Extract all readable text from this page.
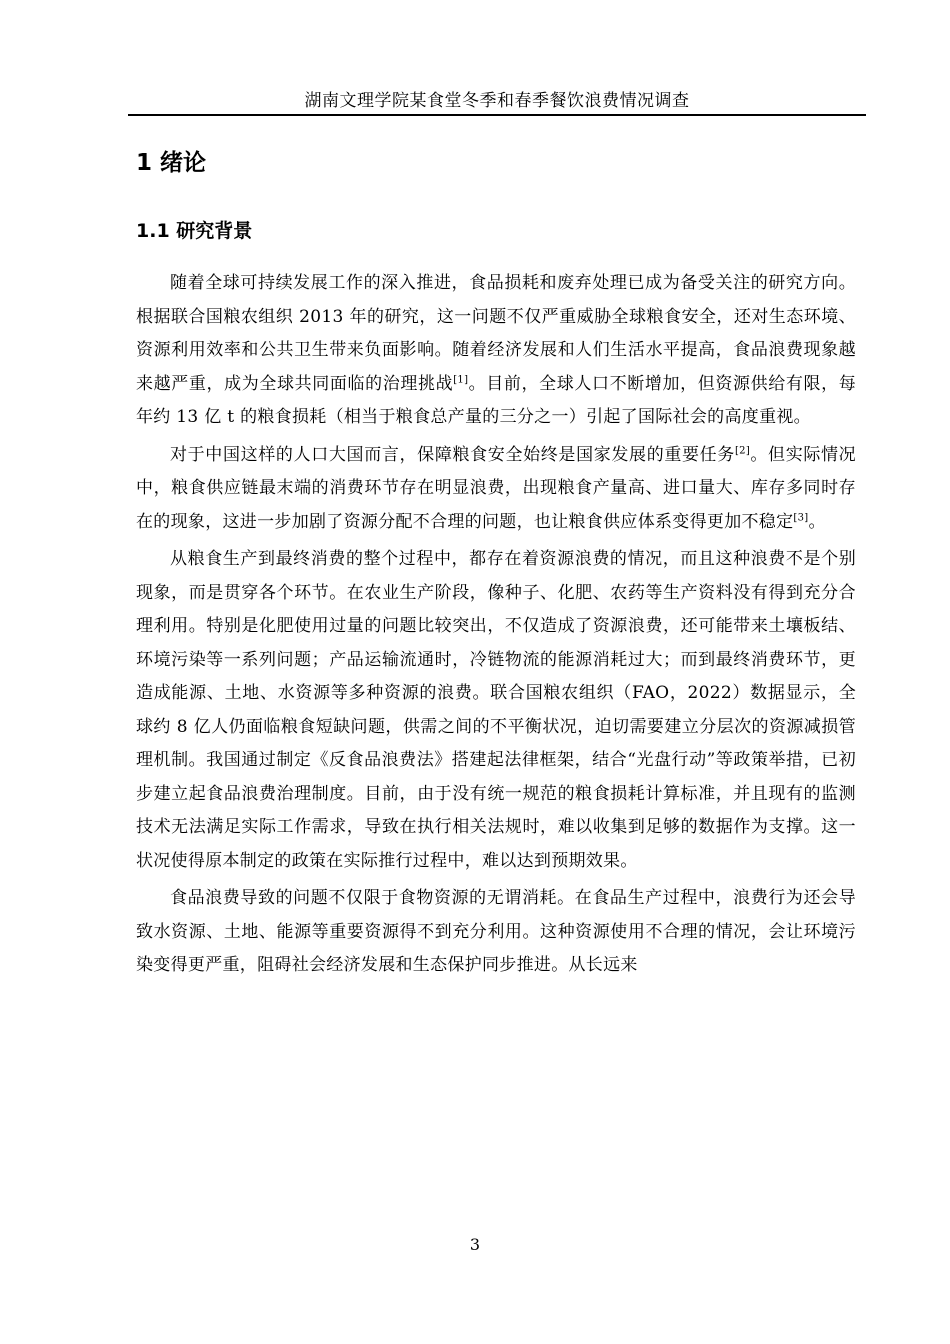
湖南文理学院某食堂冬季和春季餐饮浪费情况调查
1 绪论
1.1 研究背景

随着全球可持续发展工作的深入推进，食品损耗和废弃处理已成为备受关注的研究方向。根据联合国粮农组织 2013 年的研究，这一问题不仅严重威胁全球粮食安全，还对生态环境、资源利用效率和公共卫生带来负面影响。随着经济发展和人们生活水平提高，食品浪费现象越来越严重，成为全球共同面临的治理挑战[1]。目前，全球人口不断增加，但资源供给有限，每年约 13 亿 t 的粮食损耗（相当于粮食总产量的三分之一）引起了国际社会的高度重视。

对于中国这样的人口大国而言，保障粮食安全始终是国家发展的重要任务[2]。但实际情况中，粮食供应链最末端的消费环节存在明显浪费，出现粮食产量高、进口量大、库存多同时存在的现象，这进一步加剧了资源分配不合理的问题，也让粮食供应体系变得更加不稳定[3]。

从粮食生产到最终消费的整个过程中，都存在着资源浪费的情况，而且这种浪费不是个别现象，而是贯穿各个环节。在农业生产阶段，像种子、化肥、农药等生产资料没有得到充分合理利用。特别是化肥使用过量的问题比较突出，不仅造成了资源浪费，还可能带来土壤板结、环境污染等一系列问题；产品运输流通时，冷链物流的能源消耗过大；而到最终消费环节，更造成能源、土地、水资源等多种资源的浪费。联合国粮农组织（FAO，2022）数据显示，全球约 8 亿人仍面临粮食短缺问题，供需之间的不平衡状况，迫切需要建立分层次的资源减损管理机制。我国通过制定《反食品浪费法》搭建起法律框架，结合“光盘行动”等政策举措，已初步建立起食品浪费治理制度。目前，由于没有统一规范的粮食损耗计算标准，并且现有的监测技术无法满足实际工作需求，导致在执行相关法规时，难以收集到足够的数据作为支撑。这一状况使得原本制定的政策在实际推行过程中，难以达到预期效果。

食品浪费导致的问题不仅限于食物资源的无谓消耗。在食品生产过程中，浪费行为还会导致水资源、土地、能源等重要资源得不到充分利用。这种资源使用不合理的情况，会让环境污染变得更严重，阻碍社会经济发展和生态保护同步推进。从长远来

3
